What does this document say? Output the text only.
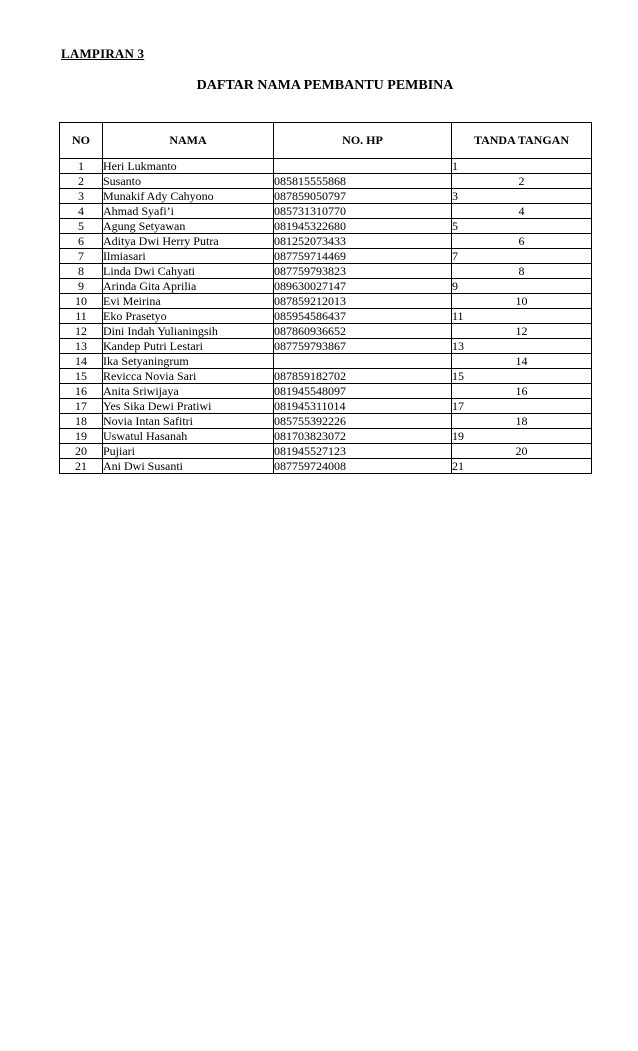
LAMPIRAN 3
DAFTAR NAMA PEMBANTU PEMBINA
NO	NAMA	NO. HP	TANDA TANGAN
1	Heri Lukmanto		1
2	Susanto	085815555868	2
3	Munakif Ady Cahyono	087859050797	3
4	Ahmad Syafi’i	085731310770	4
5	Agung Setyawan	081945322680	5
6	Aditya Dwi Herry Putra	081252073433	6
7	Ilmiasari	087759714469	7
8	Linda Dwi Cahyati	087759793823	8
9	Arinda Gita Aprilia	089630027147	9
10	Evi Meirina	087859212013	10
11	Eko Prasetyo	085954586437	11
12	Dini Indah Yulianingsih	087860936652	12
13	Kandep Putri Lestari	087759793867	13
14	Ika Setyaningrum		14
15	Revicca Novia Sari	087859182702	15
16	Anita Sriwijaya	081945548097	16
17	Yes Sika Dewi Pratiwi	081945311014	17
18	Novia Intan Safitri	085755392226	18
19	Uswatul Hasanah	081703823072	19
20	Pujiari	081945527123	20
21	Ani Dwi Susanti	087759724008	21
